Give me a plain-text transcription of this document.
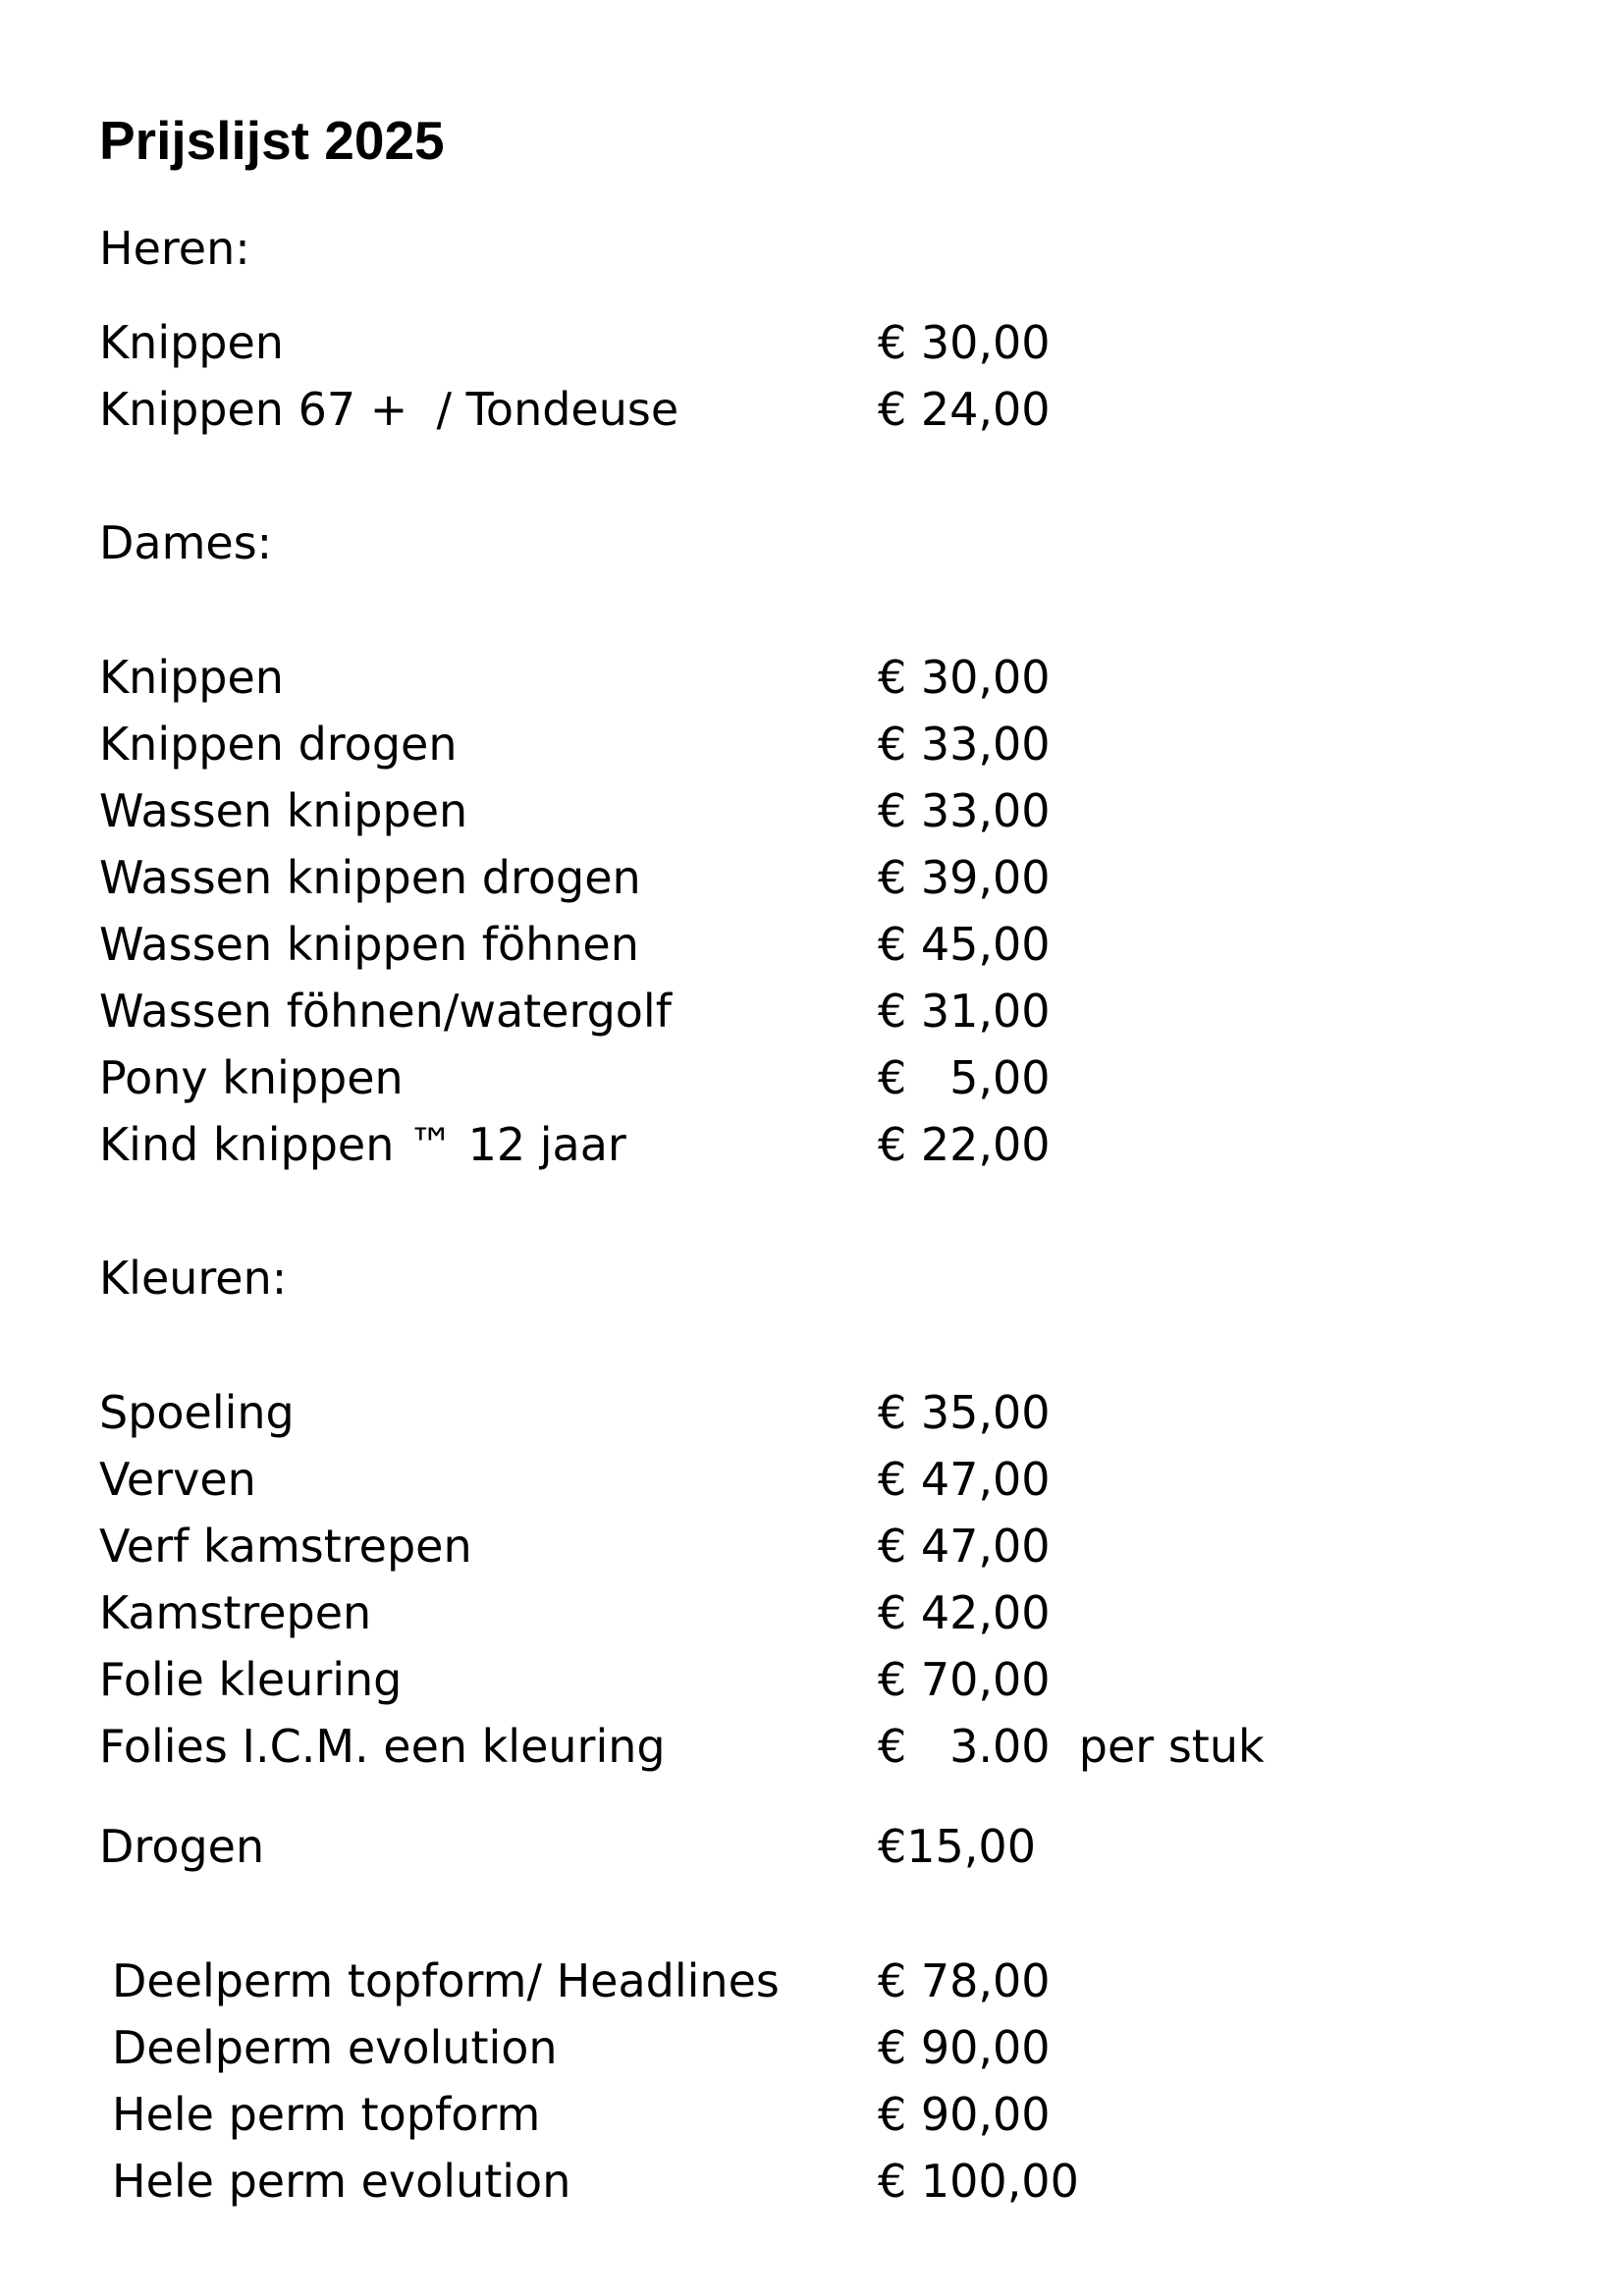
Prijslijst 2025
Heren:
Knippen	€ 30,00
Knippen 67 +  / Tondeuse	€ 24,00
Dames:
Knippen	€ 30,00
Knippen drogen	€ 33,00
Wassen knippen	€ 33,00
Wassen knippen drogen	€ 39,00
Wassen knippen föhnen	€ 45,00
Wassen föhnen/watergolf	€ 31,00
Pony knippen	€   5,00
Kind knippen ™ 12 jaar	€ 22,00
Kleuren:
Spoeling	€ 35,00
Verven	€ 47,00
Verf kamstrepen	€ 47,00
Kamstrepen	€ 42,00
Folie kleuring	€ 70,00
Folies I.C.M. een kleuring	€   3.00  per stuk
Drogen	€15,00
Deelperm topform/ Headlines € 78,00
Deelperm evolution	€ 90,00
Hele perm topform	€ 90,00
Hele perm evolution	€ 100,00
